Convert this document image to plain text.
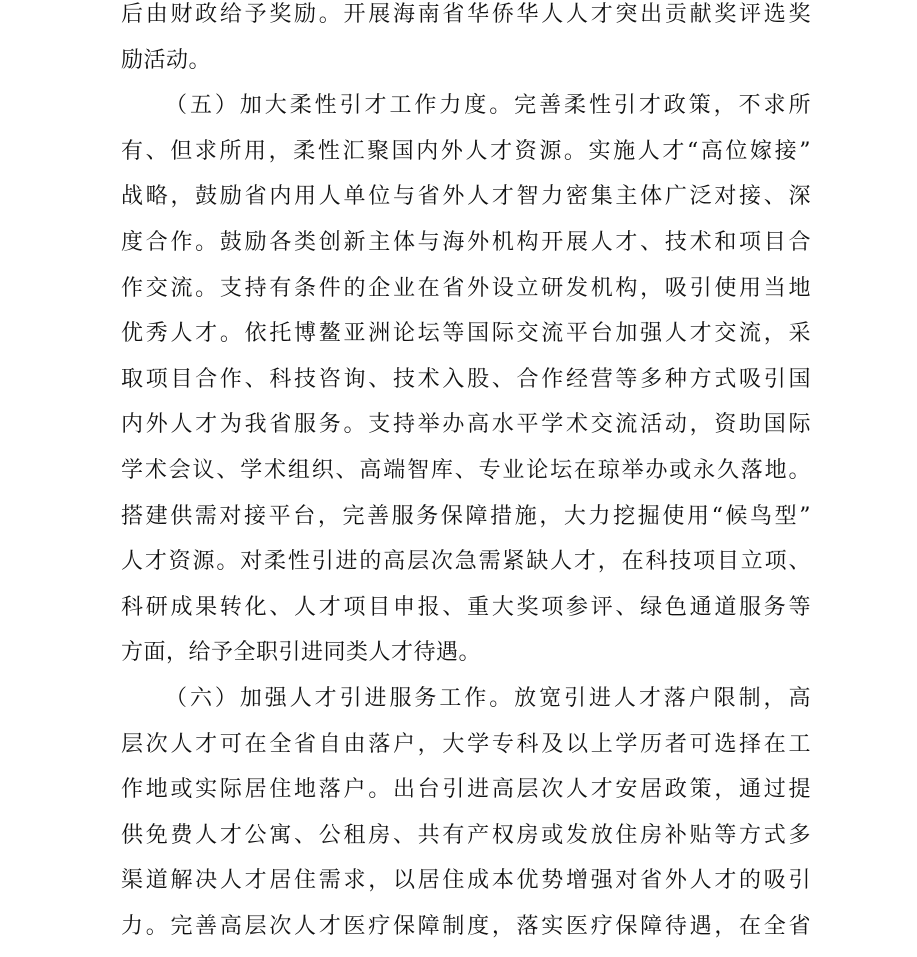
后由财政给予奖励。开展海南省华侨华人人才突出贡献奖评选奖
励活动。
（五）加大柔性引才工作力度。完善柔性引才政策，不求所
有、但求所用，柔性汇聚国内外人才资源。实施人才“高位嫁接”
战略，鼓励省内用人单位与省外人才智力密集主体广泛对接、深
度合作。鼓励各类创新主体与海外机构开展人才、技术和项目合
作交流。支持有条件的企业在省外设立研发机构，吸引使用当地
优秀人才。依托博鳌亚洲论坛等国际交流平台加强人才交流，采
取项目合作、科技咨询、技术入股、合作经营等多种方式吸引国
内外人才为我省服务。支持举办高水平学术交流活动，资助国际
学术会议、学术组织、高端智库、专业论坛在琼举办或永久落地。
搭建供需对接平台，完善服务保障措施，大力挖掘使用“候鸟型”
人才资源。对柔性引进的高层次急需紧缺人才，在科技项目立项、
科研成果转化、人才项目申报、重大奖项参评、绿色通道服务等
方面，给予全职引进同类人才待遇。
（六）加强人才引进服务工作。放宽引进人才落户限制，高
层次人才可在全省自由落户，大学专科及以上学历者可选择在工
作地或实际居住地落户。出台引进高层次人才安居政策，通过提
供免费人才公寓、公租房、共有产权房或发放住房补贴等方式多
渠道解决人才居住需求，以居住成本优势增强对省外人才的吸引
力。完善高层次人才医疗保障制度，落实医疗保障待遇，在全省
